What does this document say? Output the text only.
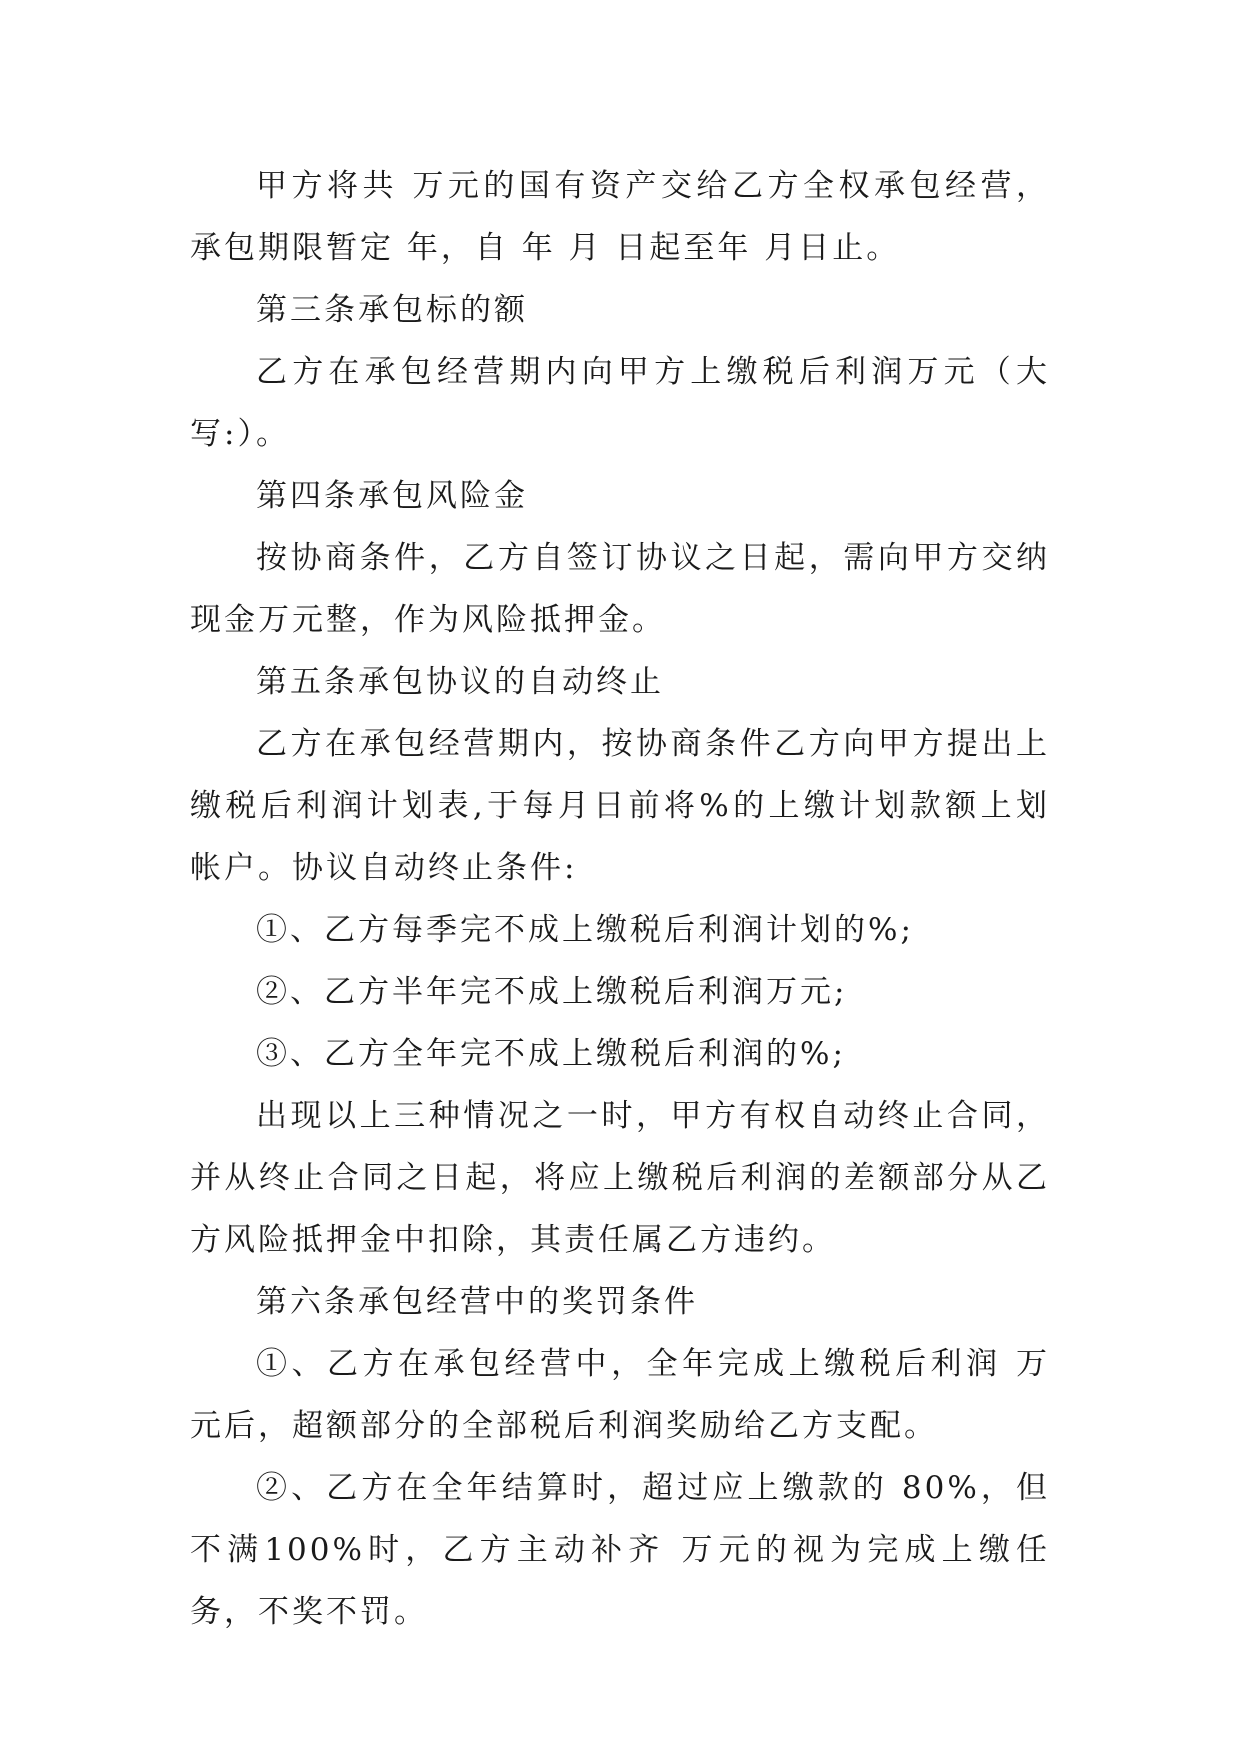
甲方将共 万元的国有资产交给乙方全权承包经营，承包期限暂定 年，自 年 月 日起至年 月日止。

第三条承包标的额

乙方在承包经营期内向甲方上缴税后利润万元（大写:）。

第四条承包风险金

按协商条件，乙方自签订协议之日起，需向甲方交纳现金万元整，作为风险抵押金。

第五条承包协议的自动终止

乙方在承包经营期内，按协商条件乙方向甲方提出上缴税后利润计划表,于每月日前将%的上缴计划款额上划帐户。协议自动终止条件:

①、乙方每季完不成上缴税后利润计划的%;

②、乙方半年完不成上缴税后利润万元;

③、乙方全年完不成上缴税后利润的%;

出现以上三种情况之一时，甲方有权自动终止合同，并从终止合同之日起，将应上缴税后利润的差额部分从乙方风险抵押金中扣除，其责任属乙方违约。

第六条承包经营中的奖罚条件

①、乙方在承包经营中，全年完成上缴税后利润 万元后，超额部分的全部税后利润奖励给乙方支配。

②、乙方在全年结算时，超过应上缴款的 80%，但不满100%时，乙方主动补齐 万元的视为完成上缴任务，不奖不罚。
